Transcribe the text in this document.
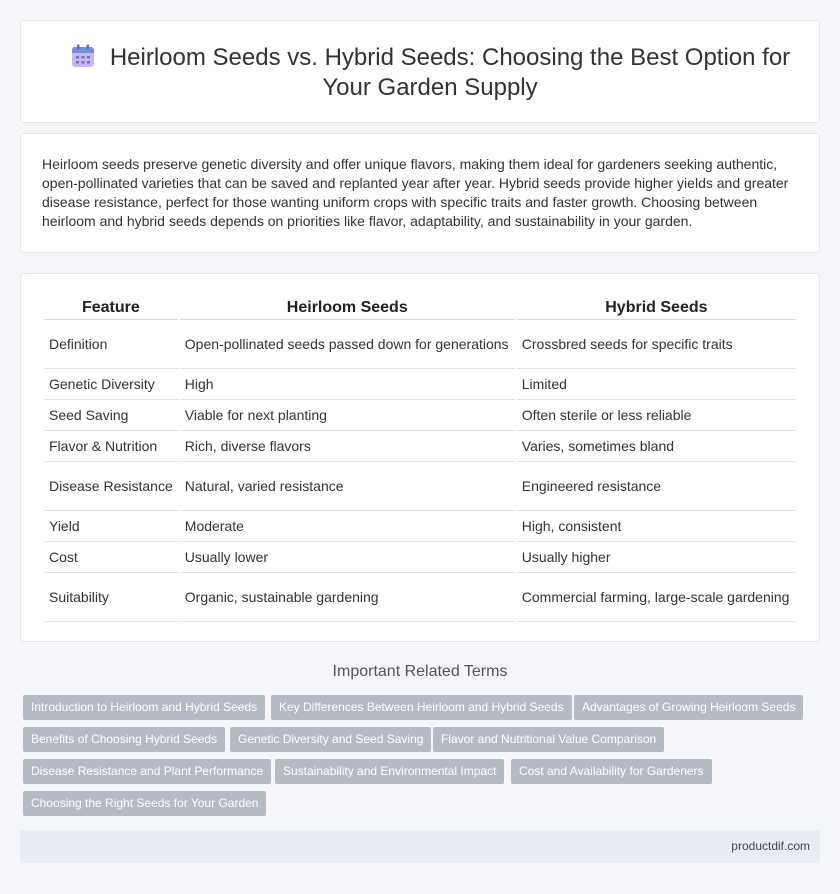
Heirloom Seeds vs. Hybrid Seeds: Choosing the Best Option for Your Garden Supply

Heirloom seeds preserve genetic diversity and offer unique flavors, making them ideal for gardeners seeking authentic, open-pollinated varieties that can be saved and replanted year after year. Hybrid seeds provide higher yields and greater disease resistance, perfect for those wanting uniform crops with specific traits and faster growth. Choosing between heirloom and hybrid seeds depends on priorities like flavor, adaptability, and sustainability in your garden.

Feature	Heirloom Seeds	Hybrid Seeds
Definition	Open-pollinated seeds passed down for generations	Crossbred seeds for specific traits
Genetic Diversity	High	Limited
Seed Saving	Viable for next planting	Often sterile or less reliable
Flavor & Nutrition	Rich, diverse flavors	Varies, sometimes bland
Disease Resistance	Natural, varied resistance	Engineered resistance
Yield	Moderate	High, consistent
Cost	Usually lower	Usually higher
Suitability	Organic, sustainable gardening	Commercial farming, large-scale gardening
Important Related Terms
Introduction to Heirloom and Hybrid Seeds	Key Differences Between Heirloom and Hybrid Seeds	Advantages of Growing Heirloom Seeds
Benefits of Choosing Hybrid Seeds	Genetic Diversity and Seed Saving	Flavor and Nutritional Value Comparison
Disease Resistance and Plant Performance	Sustainability and Environmental Impact	Cost and Availability for Gardeners
Choosing the Right Seeds for Your Garden
productdif.com
